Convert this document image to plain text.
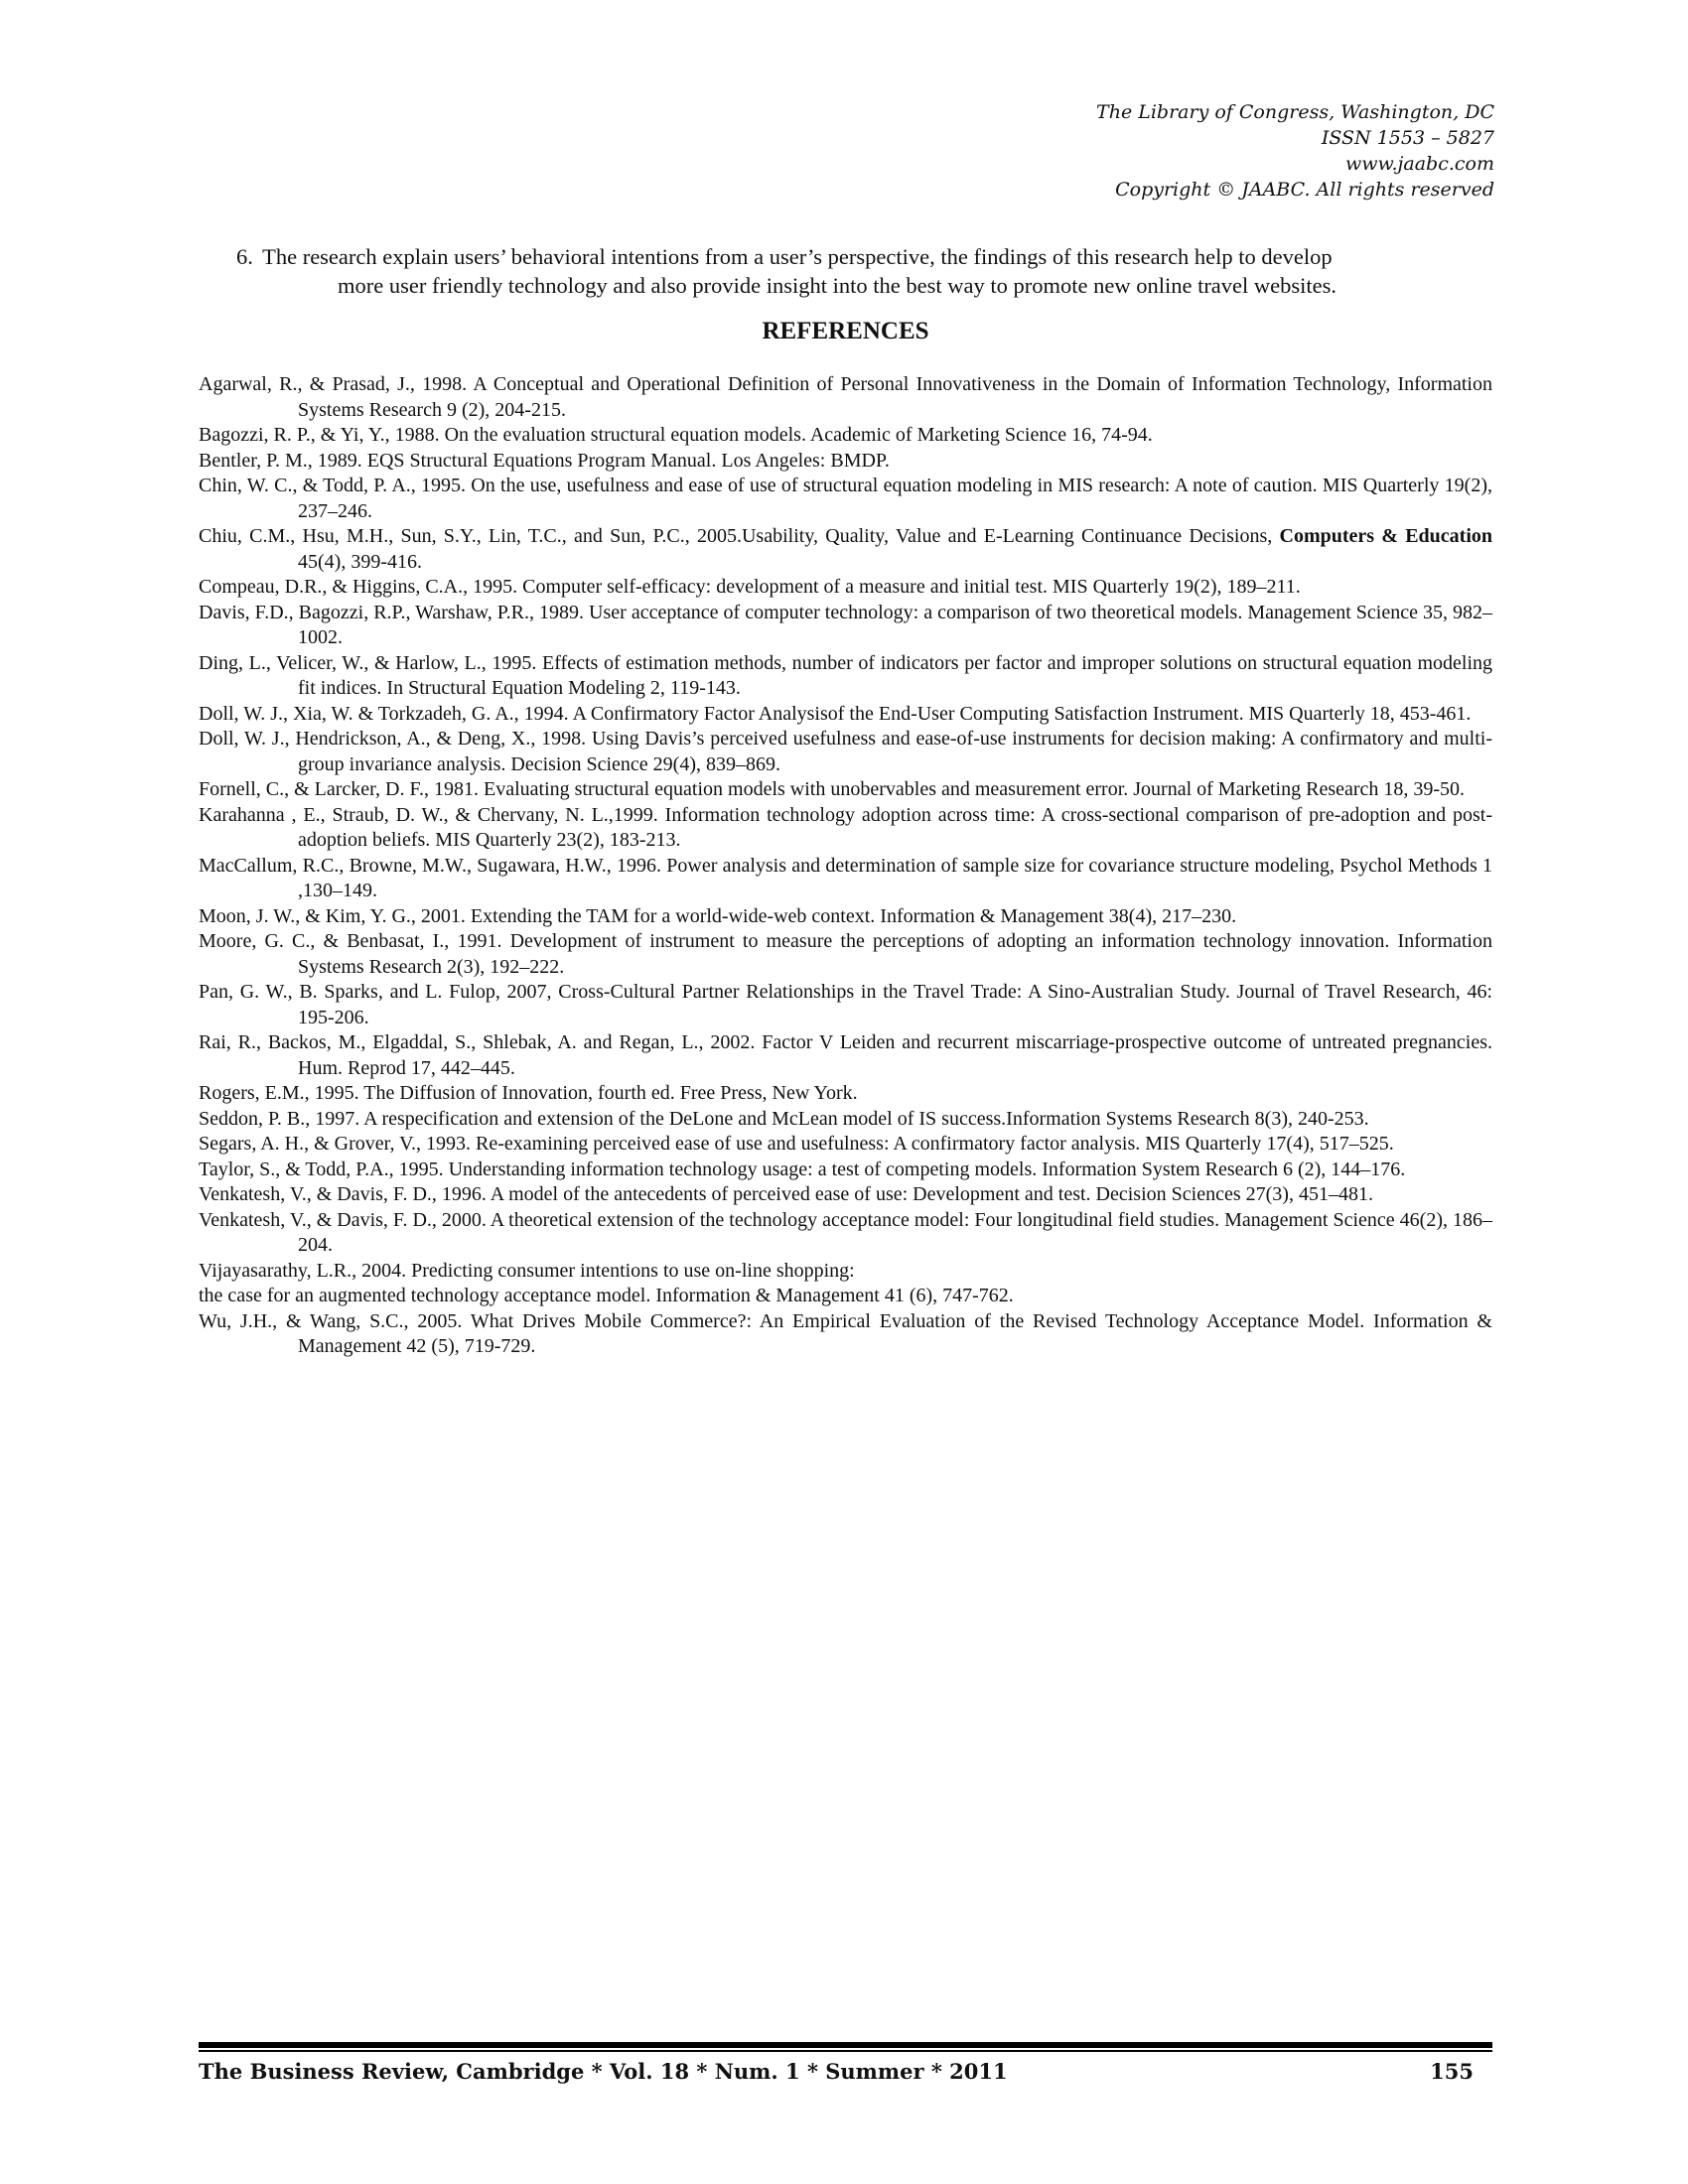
The Library of Congress, Washington, DC
ISSN 1553 – 5827
www.jaabc.com
Copyright © JAABC. All rights reserved
6. The research explain users’ behavioral intentions from a user’s perspective, the findings of this research help to develop
more user friendly technology and also provide insight into the best way to promote new online travel websites.
REFERENCES

Agarwal, R., & Prasad, J., 1998. A Conceptual and Operational Definition of Personal Innovativeness in the Domain of Information Technology, Information Systems Research 9 (2), 204-215.

Bagozzi, R. P., & Yi, Y., 1988. On the evaluation structural equation models. Academic of Marketing Science 16, 74-94.

Bentler, P. M., 1989. EQS Structural Equations Program Manual. Los Angeles: BMDP.

Chin, W. C., & Todd, P. A., 1995. On the use, usefulness and ease of use of structural equation modeling in MIS research: A note of caution. MIS Quarterly 19(2), 237–246.

Chiu, C.M., Hsu, M.H., Sun, S.Y., Lin, T.C., and Sun, P.C., 2005.Usability, Quality, Value and E-Learning Continuance Decisions, Computers & Education 45(4), 399-416.

Compeau, D.R., & Higgins, C.A., 1995. Computer self-efficacy: development of a measure and initial test. MIS Quarterly 19(2), 189–211.

Davis, F.D., Bagozzi, R.P., Warshaw, P.R., 1989. User acceptance of computer technology: a comparison of two theoretical models. Management Science 35, 982–1002.

Ding, L., Velicer, W., & Harlow, L., 1995. Effects of estimation methods, number of indicators per factor and improper solutions on structural equation modeling fit indices. In Structural Equation Modeling 2, 119-143.

Doll, W. J., Xia, W. & Torkzadeh, G. A., 1994. A Confirmatory Factor Analysisof the End-User Computing Satisfaction Instrument. MIS Quarterly 18, 453-461.

Doll, W. J., Hendrickson, A., & Deng, X., 1998. Using Davis’s perceived usefulness and ease-of-use instruments for decision making: A confirmatory and multi-group invariance analysis. Decision Science 29(4), 839–869.

Fornell, C., & Larcker, D. F., 1981. Evaluating structural equation models with unobervables and measurement error. Journal of Marketing Research 18, 39-50.

Karahanna , E., Straub, D. W., & Chervany, N. L.,1999. Information technology adoption across time: A cross-sectional comparison of pre-adoption and post-adoption beliefs. MIS Quarterly 23(2), 183-213.

MacCallum, R.C., Browne, M.W., Sugawara, H.W., 1996. Power analysis and determination of sample size for covariance structure modeling, Psychol Methods 1 ,130–149.

Moon, J. W., & Kim, Y. G., 2001. Extending the TAM for a world-wide-web context. Information & Management 38(4), 217–230.

Moore, G. C., & Benbasat, I., 1991. Development of instrument to measure the perceptions of adopting an information technology innovation. Information Systems Research 2(3), 192–222.

Pan, G. W., B. Sparks, and L. Fulop, 2007, Cross-Cultural Partner Relationships in the Travel Trade: A Sino-Australian Study. Journal of Travel Research, 46: 195-206.

Rai, R., Backos, M., Elgaddal, S., Shlebak, A. and Regan, L., 2002. Factor V Leiden and recurrent miscarriage-prospective outcome of untreated pregnancies. Hum. Reprod 17, 442–445.

Rogers, E.M., 1995. The Diffusion of Innovation, fourth ed. Free Press, New York.

Seddon, P. B., 1997. A respecification and extension of the DeLone and McLean model of IS success.Information Systems Research 8(3), 240-253.

Segars, A. H., & Grover, V., 1993. Re-examining perceived ease of use and usefulness: A confirmatory factor analysis. MIS Quarterly 17(4), 517–525.

Taylor, S., & Todd, P.A., 1995. Understanding information technology usage: a test of competing models. Information System Research 6 (2), 144–176.

Venkatesh, V., & Davis, F. D., 1996. A model of the antecedents of perceived ease of use: Development and test. Decision Sciences 27(3), 451–481.

Venkatesh, V., & Davis, F. D., 2000. A theoretical extension of the technology acceptance model: Four longitudinal field studies. Management Science 46(2), 186–204.

Vijayasarathy, L.R., 2004. Predicting consumer intentions to use on-line shopping:

the case for an augmented technology acceptance model. Information & Management 41 (6), 747-762.

Wu, J.H., & Wang, S.C., 2005. What Drives Mobile Commerce?: An Empirical Evaluation of the Revised Technology Acceptance Model. Information & Management 42 (5), 719-729.

The Business Review, Cambridge * Vol. 18 * Num. 1 * Summer * 2011	155
